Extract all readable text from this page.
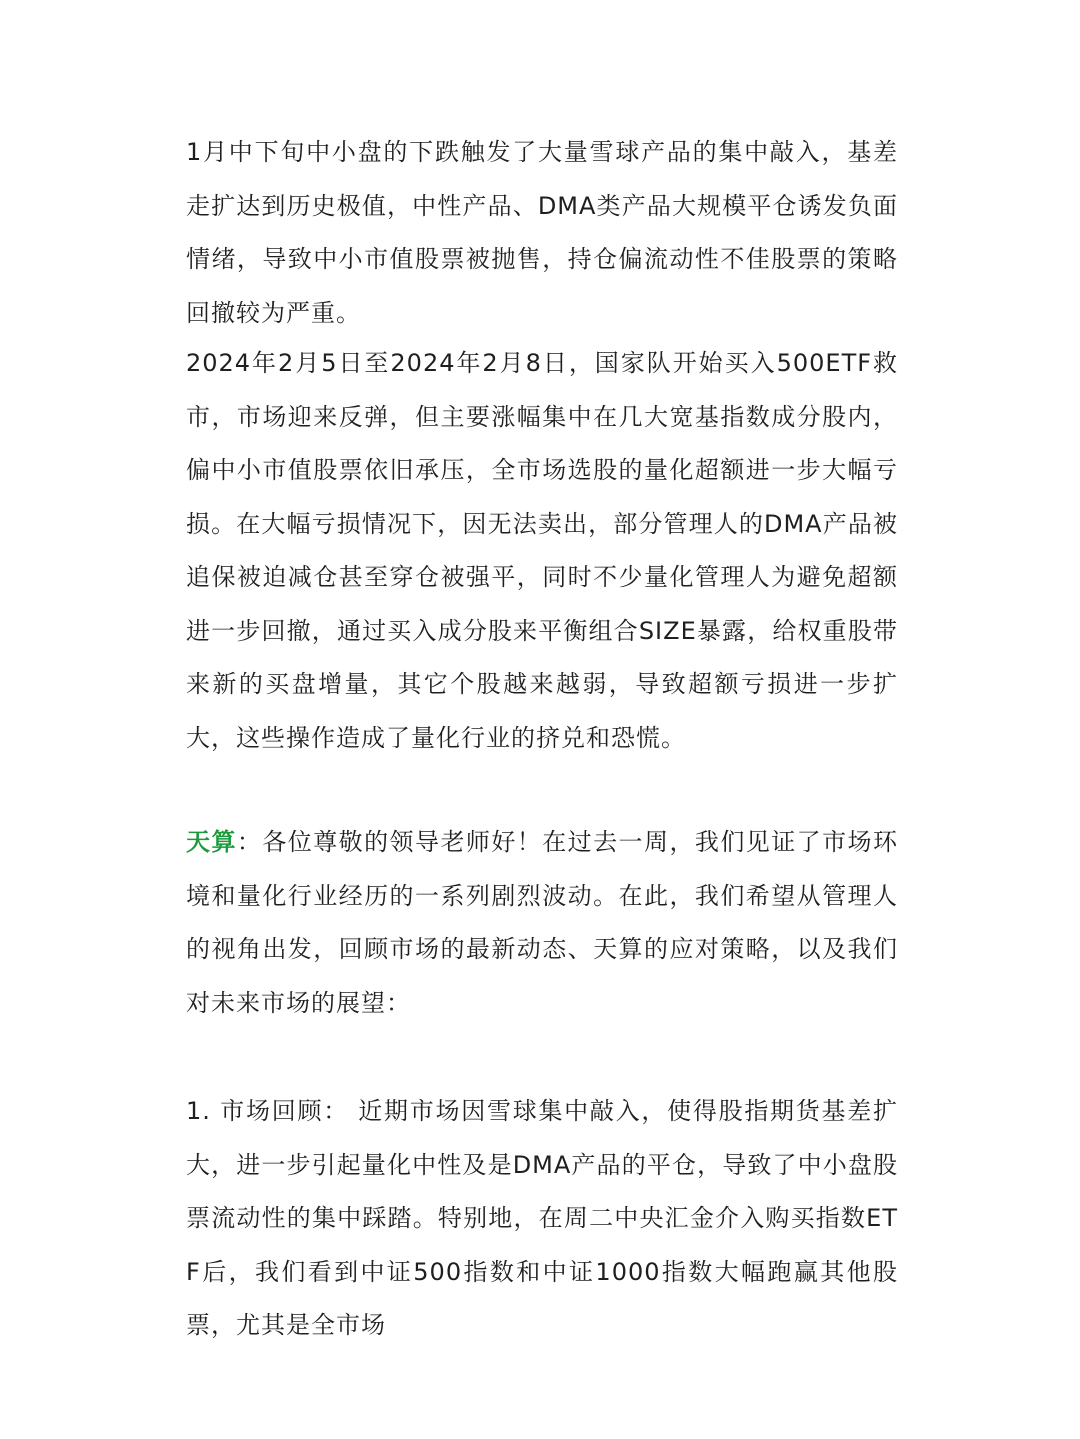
1月中下旬中小盘的下跌触发了大量雪球产品的集中敲入，基差走扩达到历史极值，中性产品、DMA类产品大规模平仓诱发负面情绪，导致中小市值股票被抛售，持仓偏流动性不佳股票的策略回撤较为严重。

2024年2月5日至2024年2月8日，国家队开始买入500ETF救市，市场迎来反弹，但主要涨幅集中在几大宽基指数成分股内，偏中小市值股票依旧承压，全市场选股的量化超额进一步大幅亏损。在大幅亏损情况下，因无法卖出，部分管理人的DMA产品被追保被迫减仓甚至穿仓被强平，同时不少量化管理人为避免超额进一步回撤，通过买入成分股来平衡组合SIZE暴露，给权重股带来新的买盘增量，其它个股越来越弱，导致超额亏损进一步扩大，这些操作造成了量化行业的挤兑和恐慌。

天算：各位尊敬的领导老师好！在过去一周，我们见证了市场环境和量化行业经历的一系列剧烈波动。在此，我们希望从管理人的视角出发，回顾市场的最新动态、天算的应对策略，以及我们对未来市场的展望：

1. 市场回顾： 近期市场因雪球集中敲入，使得股指期货基差扩大，进一步引起量化中性及是DMA产品的平仓，导致了中小盘股票流动性的集中踩踏。特别地，在周二中央汇金介入购买指数ETF后，我们看到中证500指数和中证1000指数大幅跑赢其他股票，尤其是全市场
